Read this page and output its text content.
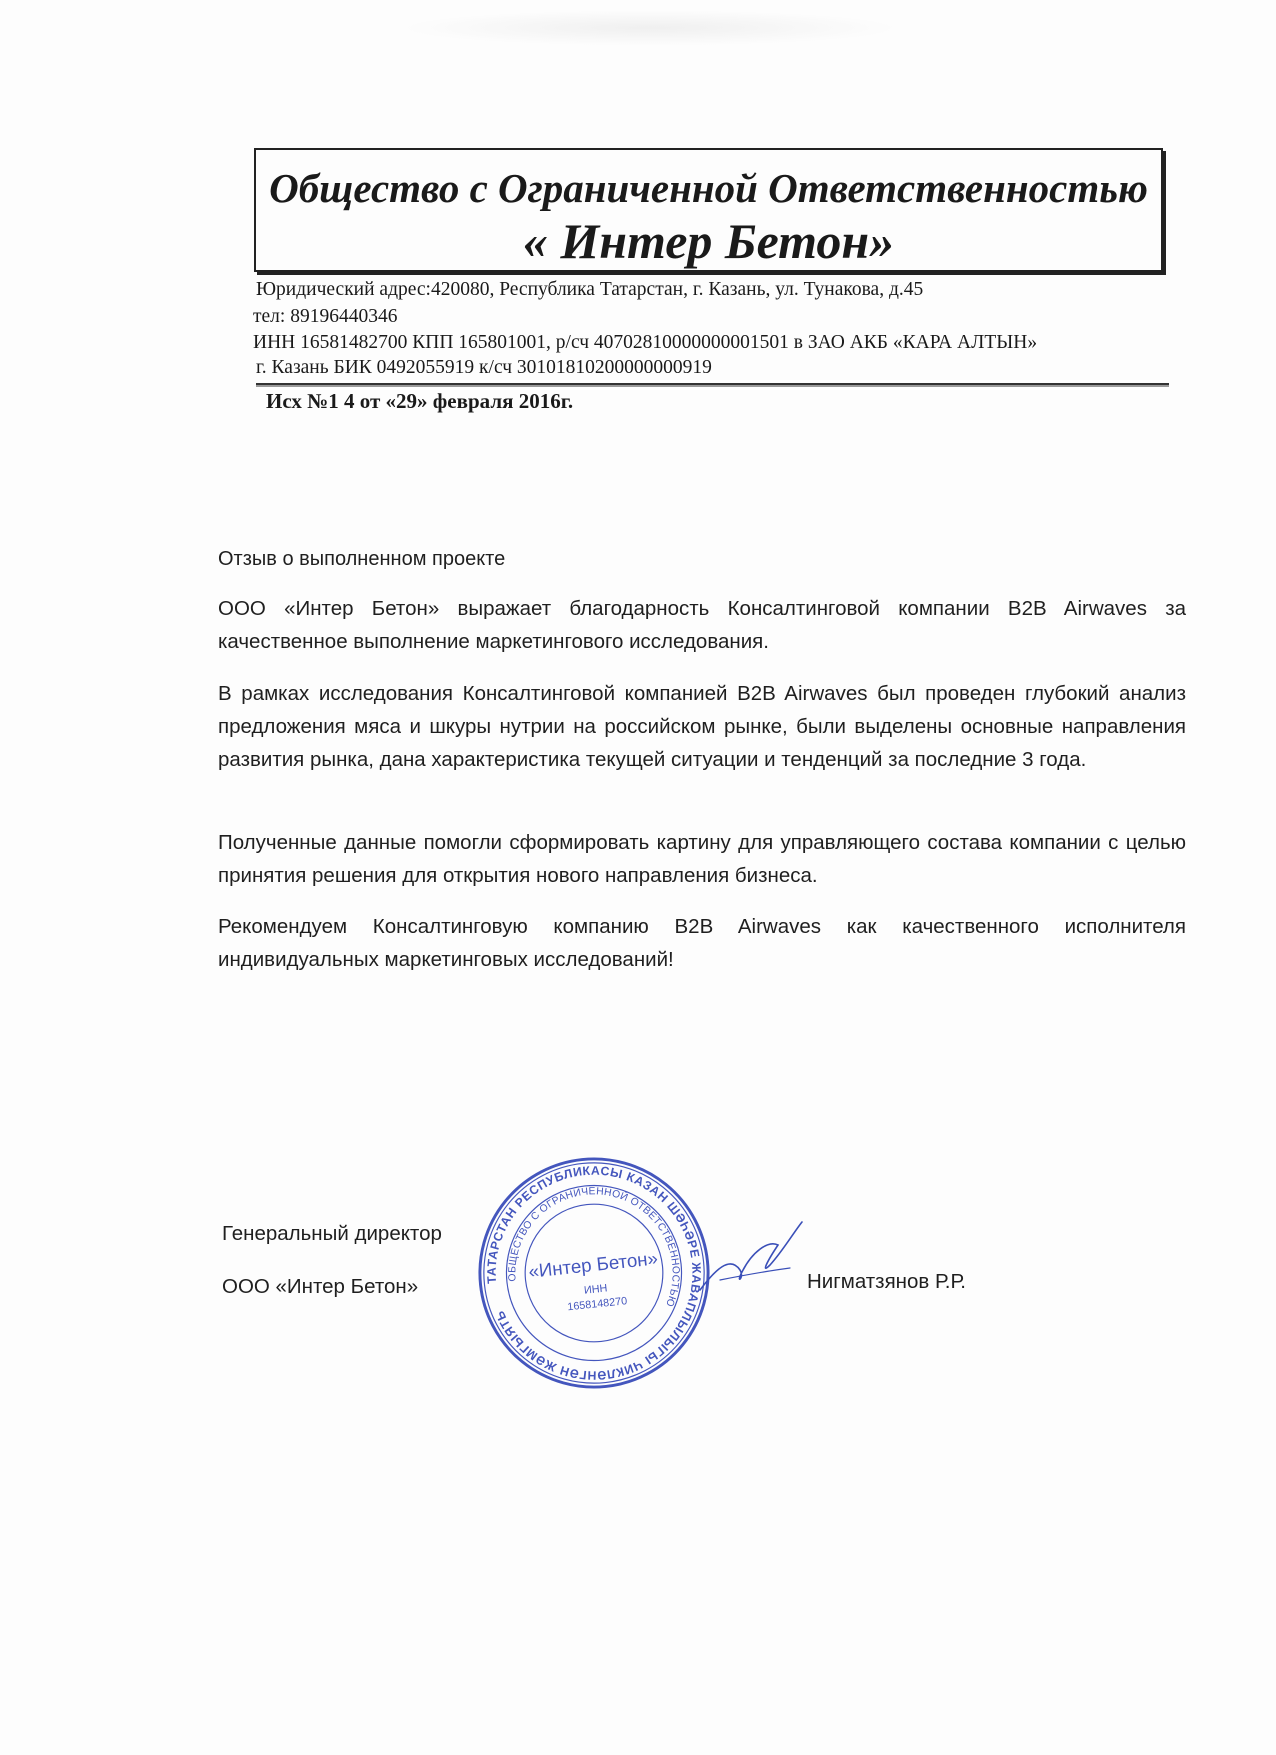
Общество с Ограниченной Ответственностью
« Интер Бетон»
Юридический адрес:420080, Республика Татарстан, г. Казань, ул. Тунакова, д.45
тел: 89196440346
ИНН 16581482700 КПП 165801001, р/сч 40702810000000001501 в ЗАО АКБ «КАРА АЛТЫН»
г. Казань БИК 0492055919 к/сч 30101810200000000919
Исх №1 4 от «29» февраля 2016г.
Отзыв о выполненном проекте
ООО «Интер Бетон» выражает благодарность Консалтинговой компании B2B Airwaves за качественное выполнение маркетингового исследования.
В рамках исследования Консалтинговой компанией B2B Airwaves был проведен глубокий анализ предложения мяса и шкуры нутрии на российском рынке, были выделены основные направления развития рынка, дана характеристика текущей ситуации и тенденций за последние 3 года.
Полученные данные помогли сформировать картину для управляющего состава компании с целью принятия решения для открытия нового направления бизнеса.
Рекомендуем Консалтинговую компанию B2B Airwaves как качественного исполнителя индивидуальных маркетинговых исследований!
Генеральный директор
ООО «Интер Бетон»	Нигматзянов Р.Р.
ТАТАРСТАН РЕСПУБЛИКАСЫ КАЗАН ШӘҺӘРЕ ЖАВАПЛЫЛЫГЫ ЧИКЛӘНГӘН ЖӘМГЫЯТЬ
ОБЩЕСТВО С ОГРАНИЧЕННОЙ ОТВЕТСТВЕННОСТЬЮ
«Интер Бетон»
ИНН
1658148270
